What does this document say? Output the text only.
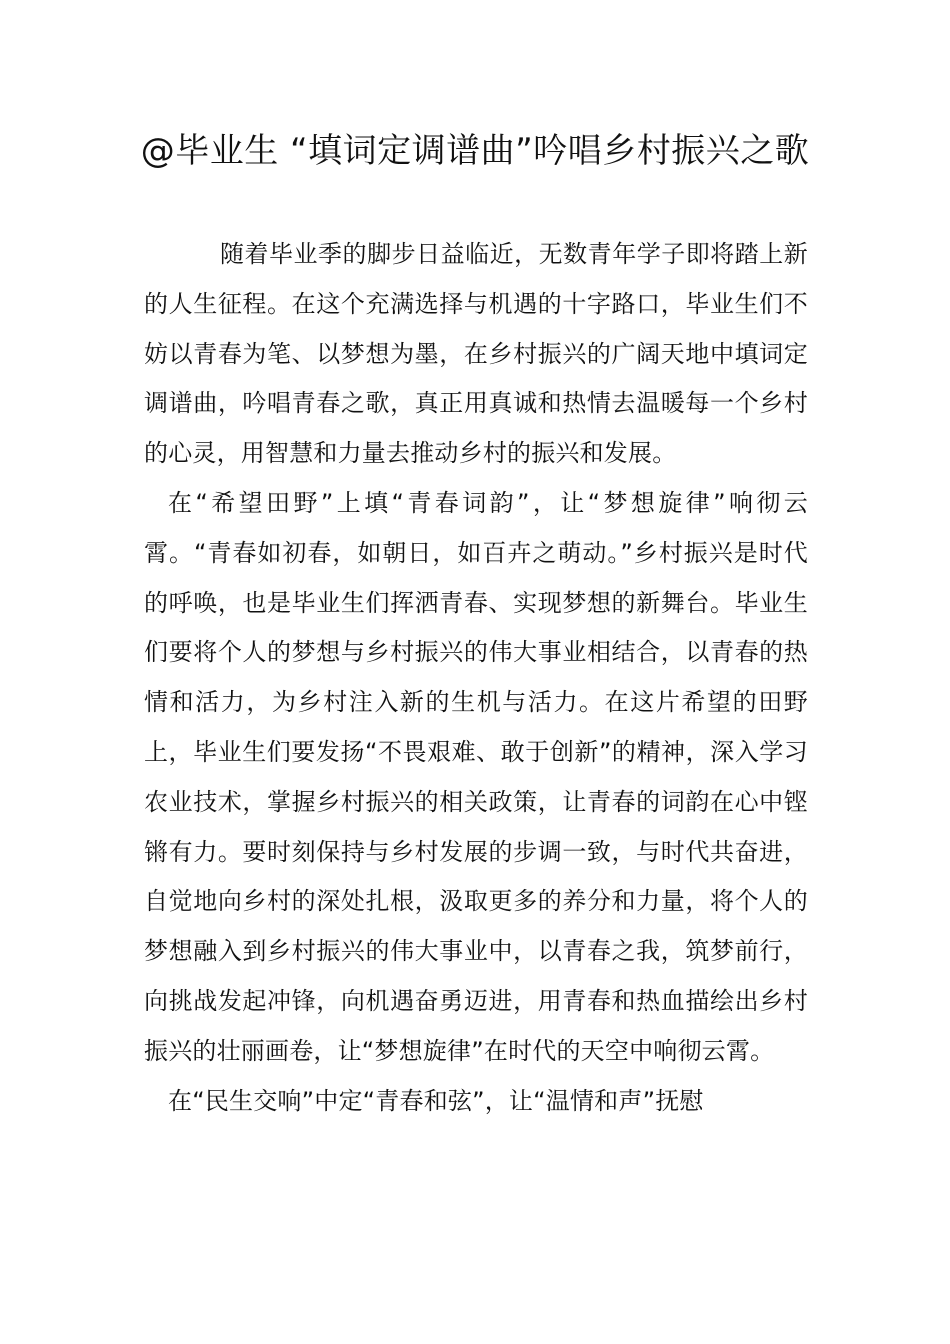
@毕业生 “填词定调谱曲”吟唱乡村振兴之歌

随着毕业季的脚步日益临近，无数青年学子即将踏上新的人生征程。在这个充满选择与机遇的十字路口，毕业生们不妨以青春为笔、以梦想为墨，在乡村振兴的广阔天地中填词定调谱曲，吟唱青春之歌，真正用真诚和热情去温暖每一个乡村的心灵，用智慧和力量去推动乡村的振兴和发展。

在“希望田野”上填“青春词韵”，让“梦想旋律”响彻云霄。“青春如初春，如朝日，如百卉之萌动。”乡村振兴是时代的呼唤，也是毕业生们挥洒青春、实现梦想的新舞台。毕业生们要将个人的梦想与乡村振兴的伟大事业相结合，以青春的热情和活力，为乡村注入新的生机与活力。在这片希望的田野上，毕业生们要发扬“不畏艰难、敢于创新”的精神，深入学习农业技术，掌握乡村振兴的相关政策，让青春的词韵在心中铿锵有力。要时刻保持与乡村发展的步调一致，与时代共奋进，自觉地向乡村的深处扎根，汲取更多的养分和力量，将个人的梦想融入到乡村振兴的伟大事业中，以青春之我，筑梦前行，向挑战发起冲锋，向机遇奋勇迈进，用青春和热血描绘出乡村振兴的壮丽画卷，让“梦想旋律”在时代的天空中响彻云霄。

在“民生交响”中定“青春和弦”，让“温情和声”抚慰
